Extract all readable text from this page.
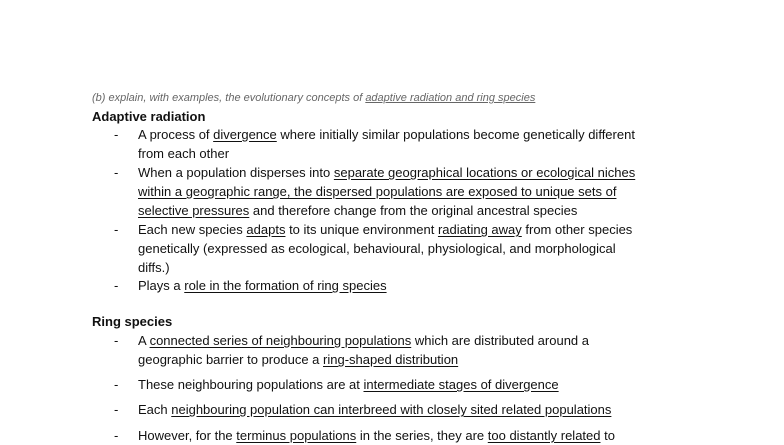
(b) explain, with examples, the evolutionary concepts of adaptive radiation and ring species
Adaptive radiation
- A process of divergence where initially similar populations become genetically different
from each other
- When a population disperses into separate geographical locations or ecological niches
within a geographic range, the dispersed populations are exposed to unique sets of
selective pressures and therefore change from the original ancestral species
- Each new species adapts to its unique environment radiating away from other species
genetically (expressed as ecological, behavioural, physiological, and morphological
diffs.)
- Plays a role in the formation of ring species
Ring species
- A connected series of neighbouring populations which are distributed around a
geographic barrier to produce a ring-shaped distribution
- These neighbouring populations are at intermediate stages of divergence
- Each neighbouring population can interbreed with closely sited related populations
- However, for the terminus populations in the series, they are too distantly related to
